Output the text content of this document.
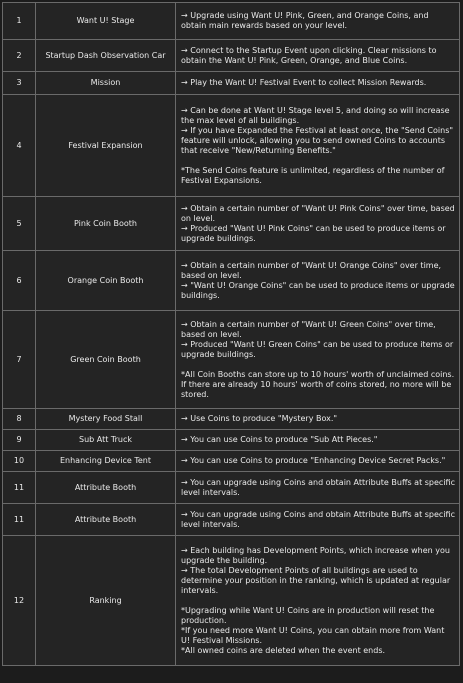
1	Want U! Stage	→ Upgrade using Want U! Pink, Green, and Orange Coins, and obtain main rewards based on your level.

2	Startup Dash Observation Car	→ Connect to the Startup Event upon clicking. Clear missions to obtain the Want U! Pink, Green, Orange, and Blue Coins.

3	Mission	→ Play the Want U! Festival Event to collect Mission Rewards.

4	Festival Expansion	→ Can be done at Want U! Stage level 5, and doing so will increase the max level of all buildings.
→ If you have Expanded the Festival at least once, the "Send Coins" feature will unlock, allowing you to send owned Coins to accounts that receive "New/Returning Benefits."

*The Send Coins feature is unlimited, regardless of the number of Festival Expansions.

5	Pink Coin Booth	→ Obtain a certain number of "Want U! Pink Coins" over time, based on level.
→ Produced "Want U! Pink Coins" can be used to produce items or upgrade buildings.

6	Orange Coin Booth	→ Obtain a certain number of "Want U! Orange Coins" over time, based on level.
→ "Want U! Orange Coins" can be used to produce items or upgrade buildings.

7	Green Coin Booth	→ Obtain a certain number of "Want U! Green Coins" over time, based on level.
→ Produced "Want U! Green Coins" can be used to produce items or upgrade buildings.

*All Coin Booths can store up to 10 hours' worth of unclaimed coins. If there are already 10 hours' worth of coins stored, no more will be stored.

8	Mystery Food Stall	→ Use Coins to produce "Mystery Box."

9	Sub Att Truck	→ You can use Coins to produce "Sub Att Pieces."

10	Enhancing Device Tent	→ You can use Coins to produce "Enhancing Device Secret Packs."

11	Attribute Booth	→ You can upgrade using Coins and obtain Attribute Buffs at specific level intervals.

11	Attribute Booth	→ You can upgrade using Coins and obtain Attribute Buffs at specific level intervals.

12	Ranking	→ Each building has Development Points, which increase when you upgrade the building.
→ The total Development Points of all buildings are used to determine your position in the ranking, which is updated at regular intervals.

*Upgrading while Want U! Coins are in production will reset the production.
*If you need more Want U! Coins, you can obtain more from Want U! Festival Missions.
*All owned coins are deleted when the event ends.
